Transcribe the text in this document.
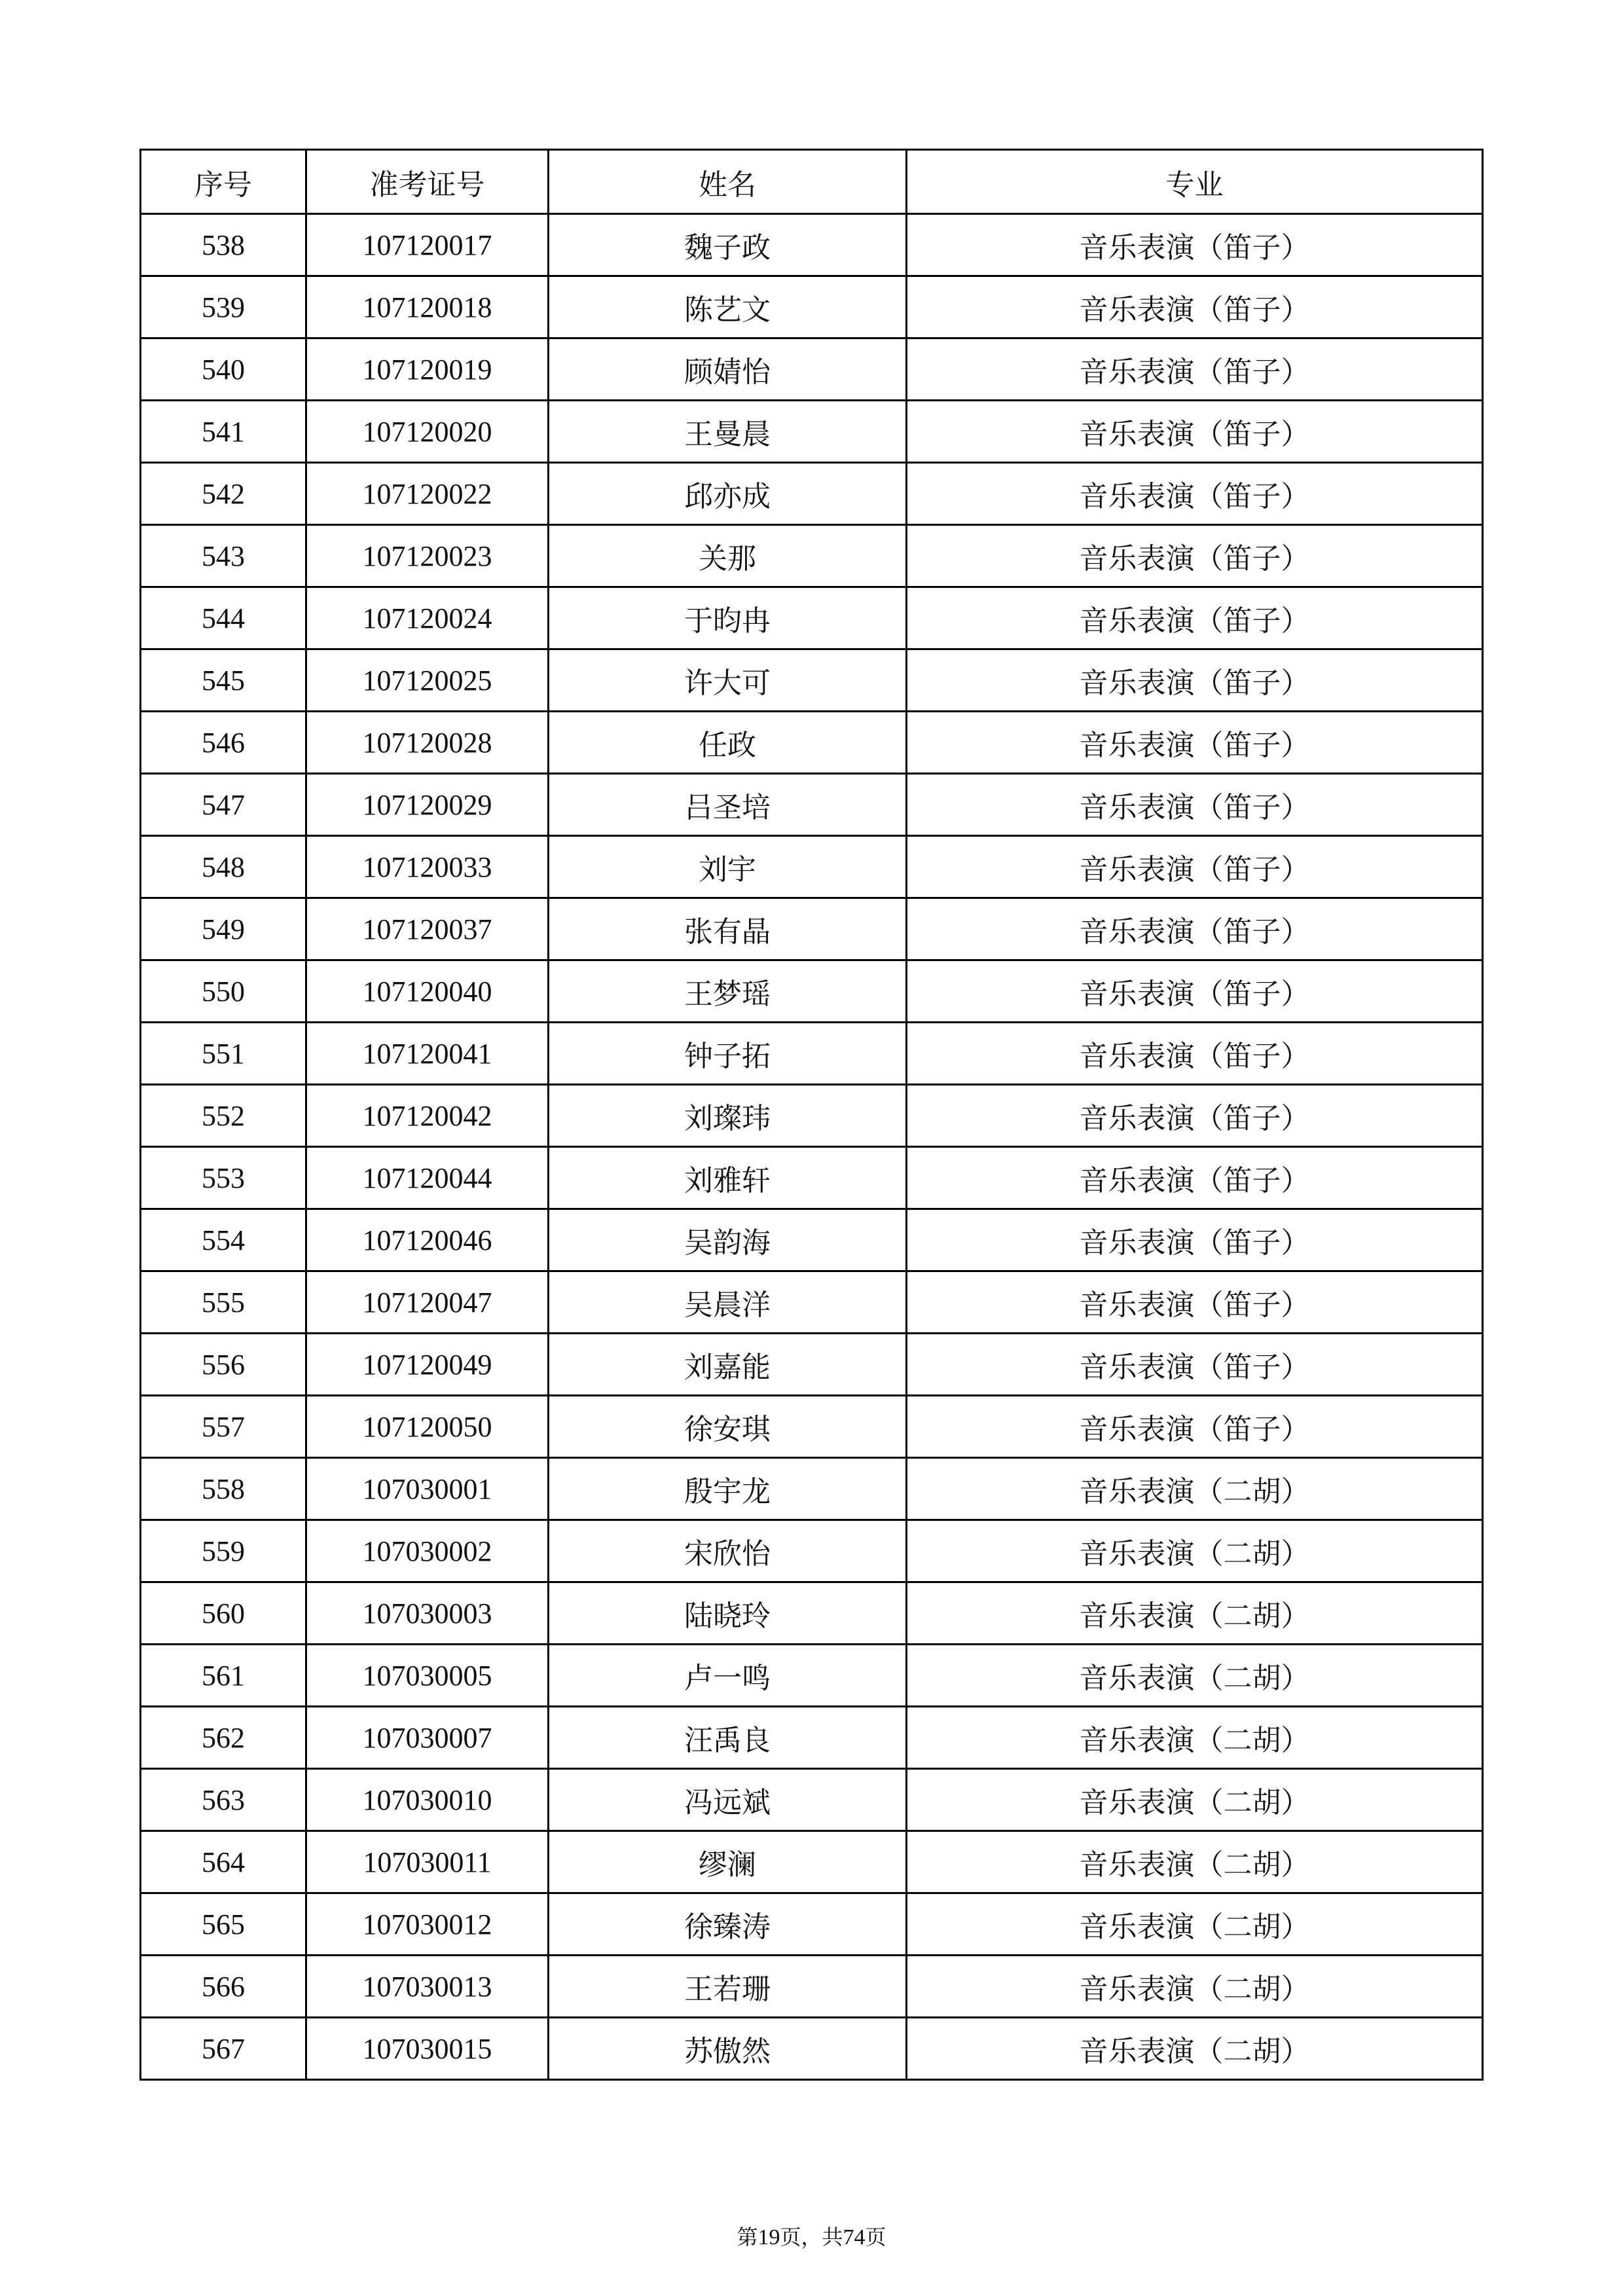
序号	准考证号	姓名	专业
538	107120017	魏子政	音乐表演（笛子）
539	107120018	陈艺文	音乐表演（笛子）
540	107120019	顾婧怡	音乐表演（笛子）
541	107120020	王曼晨	音乐表演（笛子）
542	107120022	邱亦成	音乐表演（笛子）
543	107120023	关那	音乐表演（笛子）
544	107120024	于昀冉	音乐表演（笛子）
545	107120025	许大可	音乐表演（笛子）
546	107120028	任政	音乐表演（笛子）
547	107120029	吕圣培	音乐表演（笛子）
548	107120033	刘宇	音乐表演（笛子）
549	107120037	张有晶	音乐表演（笛子）
550	107120040	王梦瑶	音乐表演（笛子）
551	107120041	钟子拓	音乐表演（笛子）
552	107120042	刘璨玮	音乐表演（笛子）
553	107120044	刘雅轩	音乐表演（笛子）
554	107120046	吴韵海	音乐表演（笛子）
555	107120047	吴晨洋	音乐表演（笛子）
556	107120049	刘嘉能	音乐表演（笛子）
557	107120050	徐安琪	音乐表演（笛子）
558	107030001	殷宇龙	音乐表演（二胡）
559	107030002	宋欣怡	音乐表演（二胡）
560	107030003	陆晓玲	音乐表演（二胡）
561	107030005	卢一鸣	音乐表演（二胡）
562	107030007	汪禹良	音乐表演（二胡）
563	107030010	冯远斌	音乐表演（二胡）
564	107030011	缪澜	音乐表演（二胡）
565	107030012	徐臻涛	音乐表演（二胡）
566	107030013	王若珊	音乐表演（二胡）
567	107030015	苏傲然	音乐表演（二胡）
第19页，共74页
